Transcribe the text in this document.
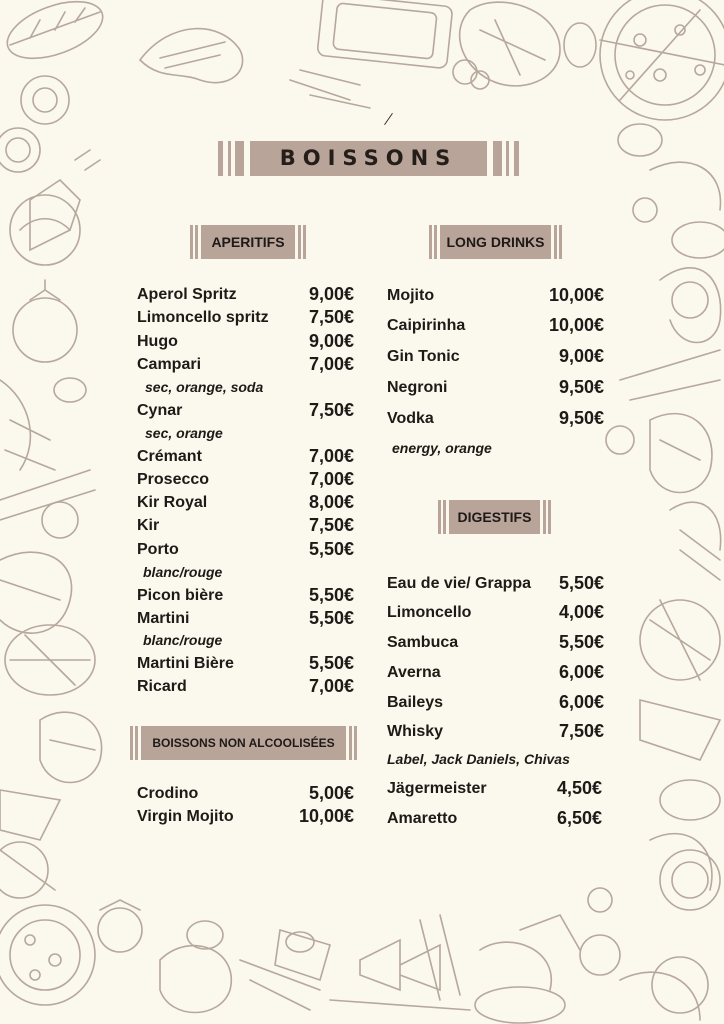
BOISSONS
APERITIFS	LONG DRINKS
DIGESTIFS
BOISSONS NON ALCOOLISÉES
Aperol Spritz	9,00€
Limoncello spritz 7,50€
Hugo	9,00€
Campari	7,00€
sec, orange, soda
Cynar	7,50€
sec, orange
Crémant	7,00€
Prosecco	7,00€
Kir Royal	8,00€
Kir	7,50€
Porto	5,50€
blanc/rouge
Picon bière	5,50€
Martini	5,50€
blanc/rouge
Martini Bière	5,50€
Ricard	7,00€
Crodino	5,00€
Virgin Mojito	10,00€
Mojito	10,00€
Caipirinha	10,00€
Gin Tonic	9,00€
Negroni	9,50€
Vodka	9,50€
energy, orange
Eau de vie/ Grappa 5,50€
Limoncello	4,00€
Sambuca	5,50€
Averna	6,00€
Baileys	6,00€
Whisky	7,50€
Label, Jack Daniels, Chivas
Jägermeister	4,50€
Amaretto	6,50€
